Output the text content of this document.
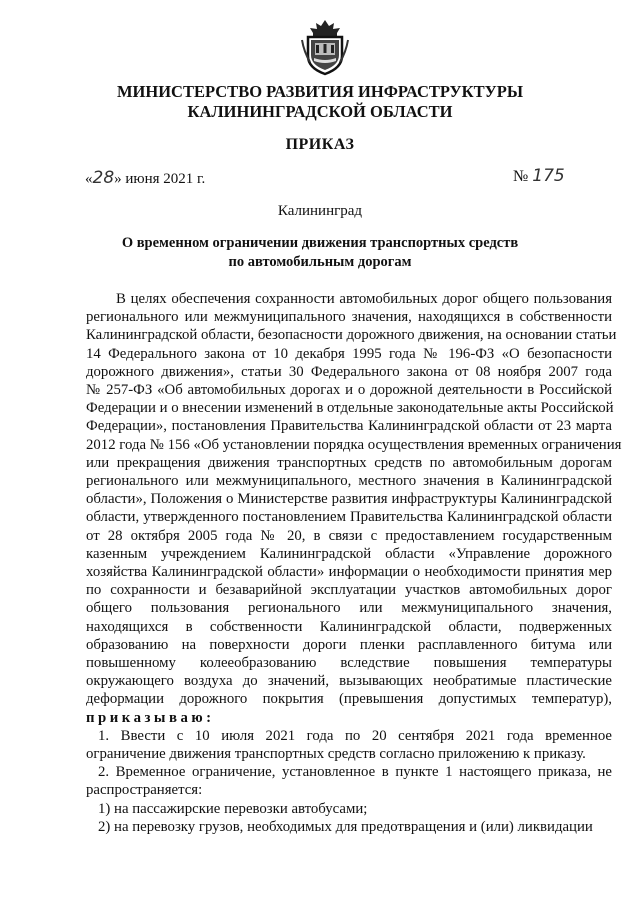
МИНИСТЕРСТВО РАЗВИТИЯ ИНФРАСТРУКТУРЫ
КАЛИНИНГРАДСКОЙ ОБЛАСТИ
ПРИКАЗ
«28» июня 2021 г.	№ 175
Калининград
О временном ограничении движения транспортных средств
по автомобильным дорогам
В целях обеспечения сохранности автомобильных дорог общего пользования
регионального или межмуниципального значения, находящихся в собственности
Калининградской области, безопасности дорожного движения, на основании статьи
14 Федерального закона от 10 декабря 1995 года № 196-ФЗ «О безопасности
дорожного движения», статьи 30 Федерального закона от 08 ноября 2007 года
№ 257-ФЗ «Об автомобильных дорогах и о дорожной деятельности в Российской
Федерации и о внесении изменений в отдельные законодательные акты Российской
Федерации», постановления Правительства Калининградской области от 23 марта
2012 года № 156 «Об установлении порядка осуществления временных ограничения
или прекращения движения транспортных средств по автомобильным дорогам
регионального или межмуниципального, местного значения в Калининградской
области», Положения о Министерстве развития инфраструктуры Калининградской
области, утвержденного постановлением Правительства Калининградской области
от 28 октября 2005 года № 20, в связи с предоставлением государственным
казенным учреждением Калининградской области «Управление дорожного
хозяйства Калининградской области» информации о необходимости принятия мер
по сохранности и безаварийной эксплуатации участков автомобильных дорог
общего пользования регионального или межмуниципального значения,
находящихся в собственности Калининградской области, подверженных
образованию на поверхности дороги пленки расплавленного битума или
повышенному колееобразованию вследствие повышения температуры
окружающего воздуха до значений, вызывающих необратимые пластические
деформации дорожного покрытия (превышения допустимых температур),
приказываю:
1. Ввести с 10 июля 2021 года по 20 сентября 2021 года временное
ограничение движения транспортных средств согласно приложению к приказу.
2. Временное ограничение, установленное в пункте 1 настоящего приказа, не
распространяется:
1) на пассажирские перевозки автобусами;
2) на перевозку грузов, необходимых для предотвращения и (или) ликвидации
